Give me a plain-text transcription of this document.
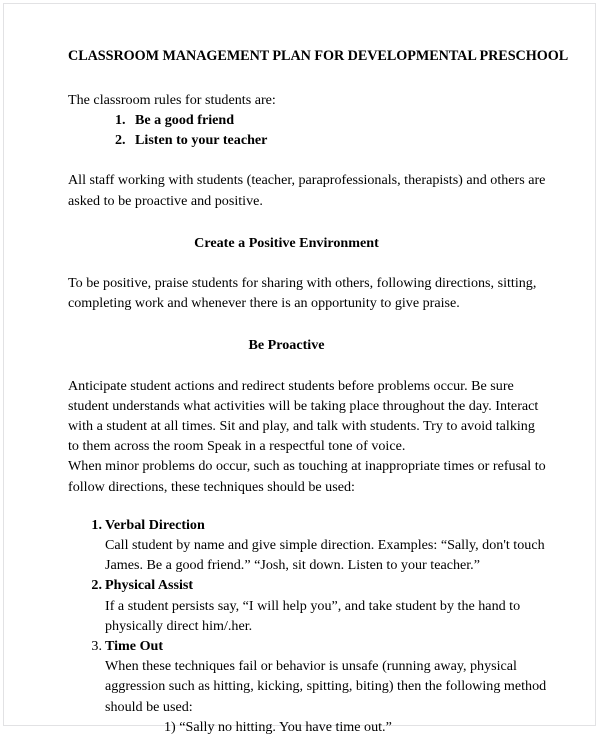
CLASSROOM MANAGEMENT PLAN FOR DEVELOPMENTAL PRESCHOOL

The classroom rules for students are:

1. Be a good friend
2. Listen to your teacher

All staff working with students (teacher, paraprofessionals, therapists) and others are asked to be proactive and positive.

Create a Positive Environment

To be positive, praise students for sharing with others, following directions, sitting, completing work and whenever there is an opportunity to give praise.

Be Proactive

Anticipate student actions and redirect students before problems occur. Be sure student understands what activities will be taking place throughout the day. Interact with a student at all times. Sit and play, and talk with students. Try to avoid talking to them across the room Speak in a respectful tone of voice.

When minor problems do occur, such as touching at inappropriate times or refusal to follow directions, these techniques should be used:

1. Verbal Direction
Call student by name and give simple direction. Examples: “Sally, don't touch James. Be a good friend.” “Josh, sit down. Listen to your teacher.”
2. Physical Assist
If a student persists say, “I will help you”, and take student by the hand to physically direct him/.her.
3. Time Out
When these techniques fail or behavior is unsafe (running away, physical aggression such as hitting, kicking, spitting, biting) then the following method should be used:

1) “Sally no hitting. You have time out.”
